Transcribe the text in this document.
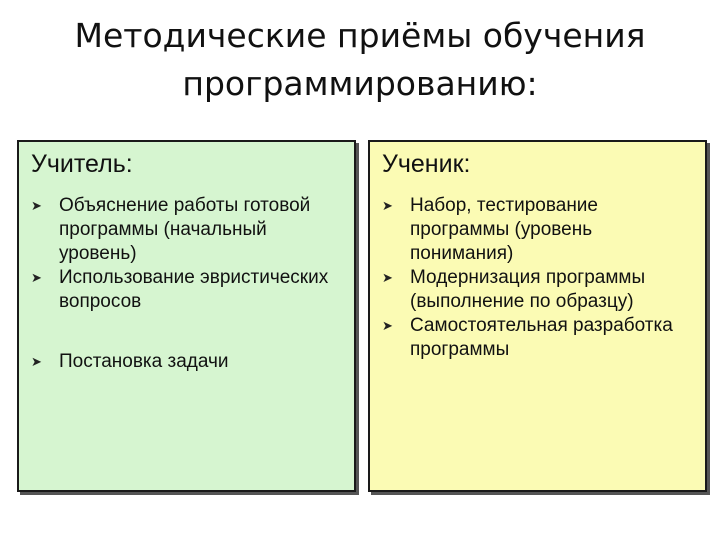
Методические приёмы обучения
программированию:
Учитель:
➤ Объяснение работы готовой программы (начальный уровень)
➤ Использование эвристических вопросов
➤ Постановка задачи
Ученик:
➤ Набор, тестирование программы (уровень понимания)
➤ Модернизация программы (выполнение по образцу)
➤ Самостоятельная разработка программы
